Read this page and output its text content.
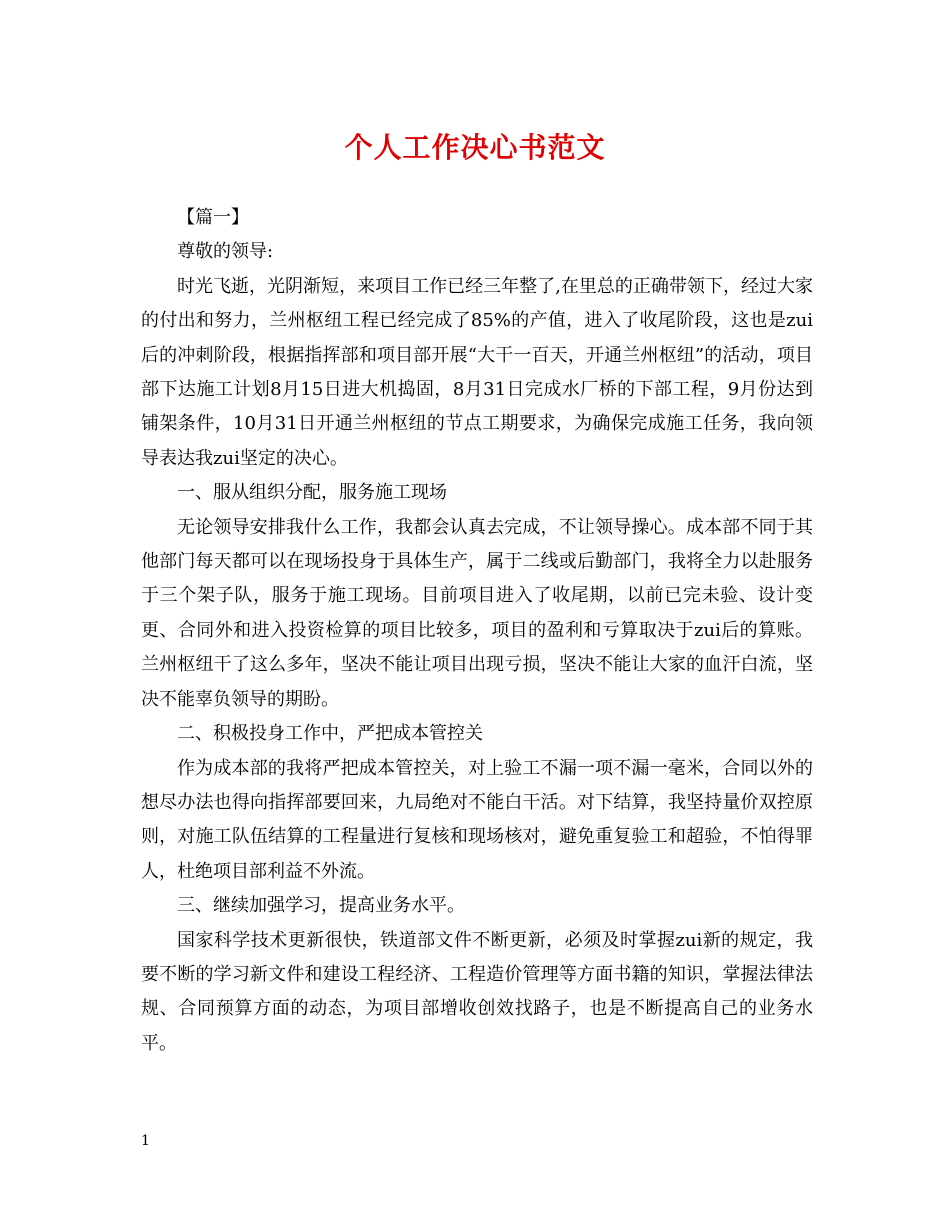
个人工作决心书范文

【篇一】

尊敬的领导:

时光飞逝，光阴渐短，来项目工作已经三年整了,在里总的正确带领下，经过大家的付出和努力，兰州枢纽工程已经完成了85%的产值，进入了收尾阶段，这也是zui后的冲刺阶段，根据指挥部和项目部开展“大干一百天，开通兰州枢纽”的活动，项目部下达施工计划8月15日进大机捣固，8月31日完成水厂桥的下部工程，9月份达到铺架条件，10月31日开通兰州枢纽的节点工期要求，为确保完成施工任务，我向领导表达我zui坚定的决心。

一、服从组织分配，服务施工现场

无论领导安排我什么工作，我都会认真去完成，不让领导操心。成本部不同于其他部门每天都可以在现场投身于具体生产，属于二线或后勤部门，我将全力以赴服务于三个架子队，服务于施工现场。目前项目进入了收尾期，以前已完未验、设计变更、合同外和进入投资检算的项目比较多，项目的盈利和亏算取决于zui后的算账。兰州枢纽干了这么多年，坚决不能让项目出现亏损，坚决不能让大家的血汗白流，坚决不能辜负领导的期盼。

二、积极投身工作中，严把成本管控关

作为成本部的我将严把成本管控关，对上验工不漏一项不漏一毫米，合同以外的想尽办法也得向指挥部要回来，九局绝对不能白干活。对下结算，我坚持量价双控原则，对施工队伍结算的工程量进行复核和现场核对，避免重复验工和超验，不怕得罪人，杜绝项目部利益不外流。

三、继续加强学习，提高业务水平。

国家科学技术更新很快，铁道部文件不断更新，必须及时掌握zui新的规定，我要不断的学习新文件和建设工程经济、工程造价管理等方面书籍的知识，掌握法律法规、合同预算方面的动态，为项目部增收创效找路子，也是不断提高自己的业务水平。

1
